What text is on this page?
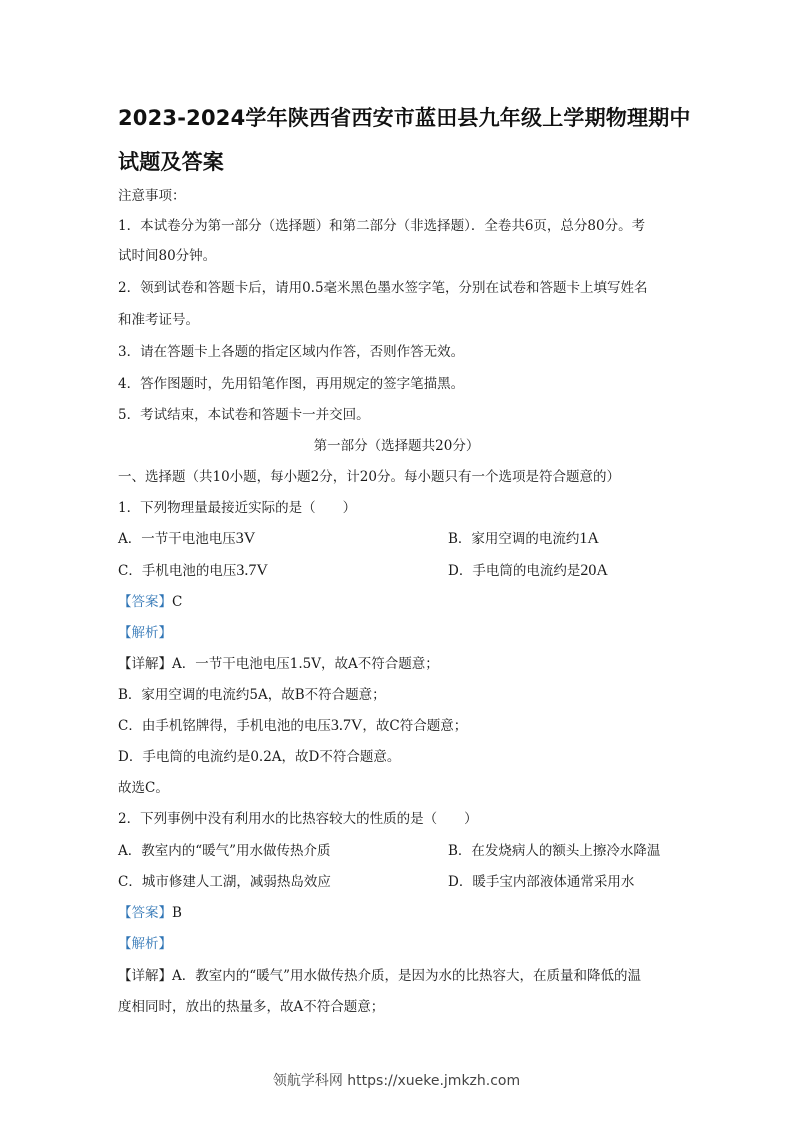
2023-2024学年陕西省西安市蓝田县九年级上学期物理期中
试题及答案
注意事项：
1．本试卷分为第一部分（选择题）和第二部分（非选择题）．全卷共6页，总分80分。考
试时间80分钟。
2．领到试卷和答题卡后，请用0.5毫米黑色墨水签字笔，分别在试卷和答题卡上填写姓名
和准考证号。
3．请在答题卡上各题的指定区域内作答，否则作答无效。
4．答作图题时，先用铅笔作图，再用规定的签字笔描黑。
5．考试结束，本试卷和答题卡一并交回。
第一部分（选择题共20分）
一、选择题（共10小题，每小题2分，计20分。每小题只有一个选项是符合题意的）
1．下列物理量最接近实际的是（　　）
A．一节干电池电压3V	B．家用空调的电流约1A
C．手机电池的电压3.7V	D．手电筒的电流约是20A
【答案】C
【解析】
【详解】A．一节干电池电压1.5V，故A不符合题意；
B．家用空调的电流约5A，故B不符合题意；
C．由手机铭牌得，手机电池的电压3.7V，故C符合题意；
D．手电筒的电流约是0.2A，故D不符合题意。
故选C。
2．下列事例中没有利用水的比热容较大的性质的是（　　）
A．教室内的“暖气”用水做传热介质	B．在发烧病人的额头上擦冷水降温
C．城市修建人工湖，减弱热岛效应	D．暖手宝内部液体通常采用水
【答案】B
【解析】
【详解】A．教室内的“暖气”用水做传热介质，是因为水的比热容大，在质量和降低的温
度相同时，放出的热量多，故A不符合题意；
领航学科网 https://xueke.jmkzh.com
